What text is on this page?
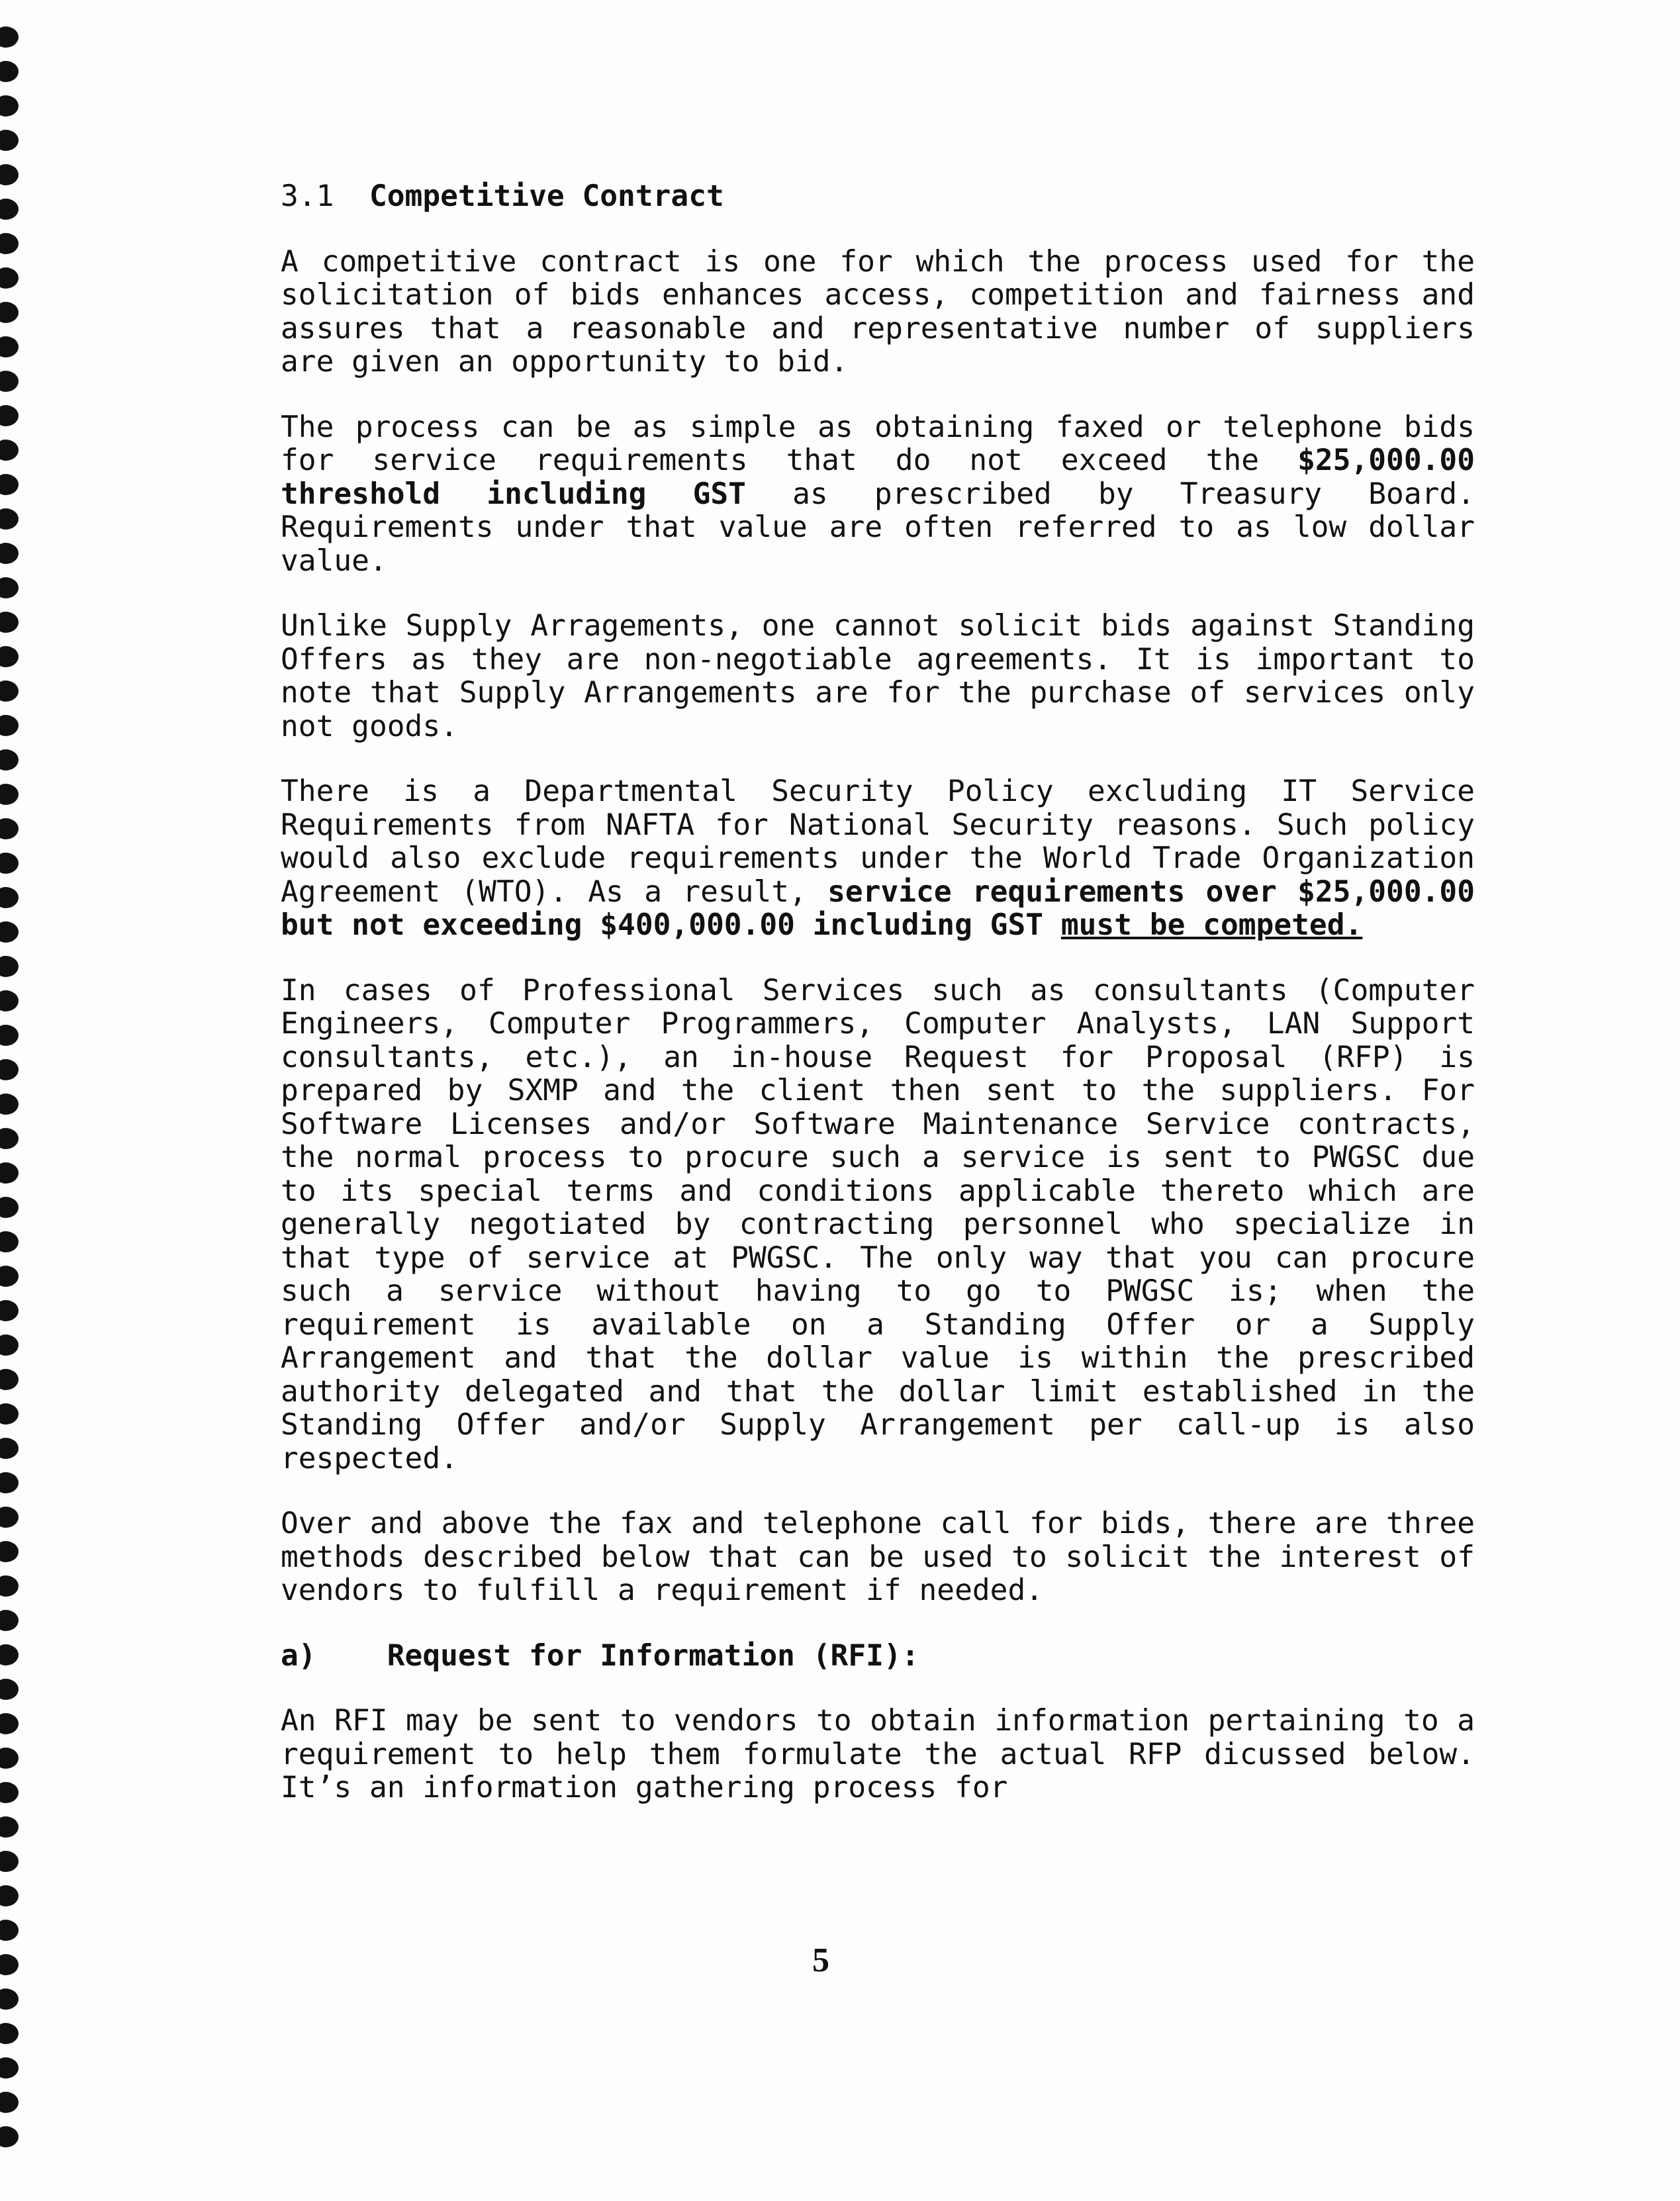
3.1 Competitive Contract

A competitive contract is one for which the process used for the solicitation of bids enhances access, competition and fairness and assures that a reasonable and representative number of suppliers are given an opportunity to bid.

The process can be as simple as obtaining faxed or telephone bids for service requirements that do not exceed the $25,000.00 threshold including GST as prescribed by Treasury Board. Requirements under that value are often referred to as low dollar value.

Unlike Supply Arragements, one cannot solicit bids against Standing Offers as they are non-negotiable agreements. It is important to note that Supply Arrangements are for the purchase of services only not goods.

There is a Departmental Security Policy excluding IT Service Requirements from NAFTA for National Security reasons. Such policy would also exclude requirements under the World Trade Organization Agreement (WTO). As a result, service requirements over $25,000.00 but not exceeding $400,000.00 including GST must be competed.

In cases of Professional Services such as consultants (Computer Engineers, Computer Programmers, Computer Analysts, LAN Support consultants, etc.), an in-house Request for Proposal (RFP) is prepared by SXMP and the client then sent to the suppliers. For Software Licenses and/or Software Maintenance Service contracts, the normal process to procure such a service is sent to PWGSC due to its special terms and conditions applicable thereto which are generally negotiated by contracting personnel who specialize in that type of service at PWGSC. The only way that you can procure such a service without having to go to PWGSC is; when the requirement is available on a Standing Offer or a Supply Arrangement and that the dollar value is within the prescribed authority delegated and that the dollar limit established in the Standing Offer and/or Supply Arrangement per call-up is also respected.

Over and above the fax and telephone call for bids, there are three methods described below that can be used to solicit the interest of vendors to fulfill a requirement if needed.

a) Request for Information (RFI):

An RFI may be sent to vendors to obtain information pertaining to a requirement to help them formulate the actual RFP dicussed below. It’s an information gathering process for

5
